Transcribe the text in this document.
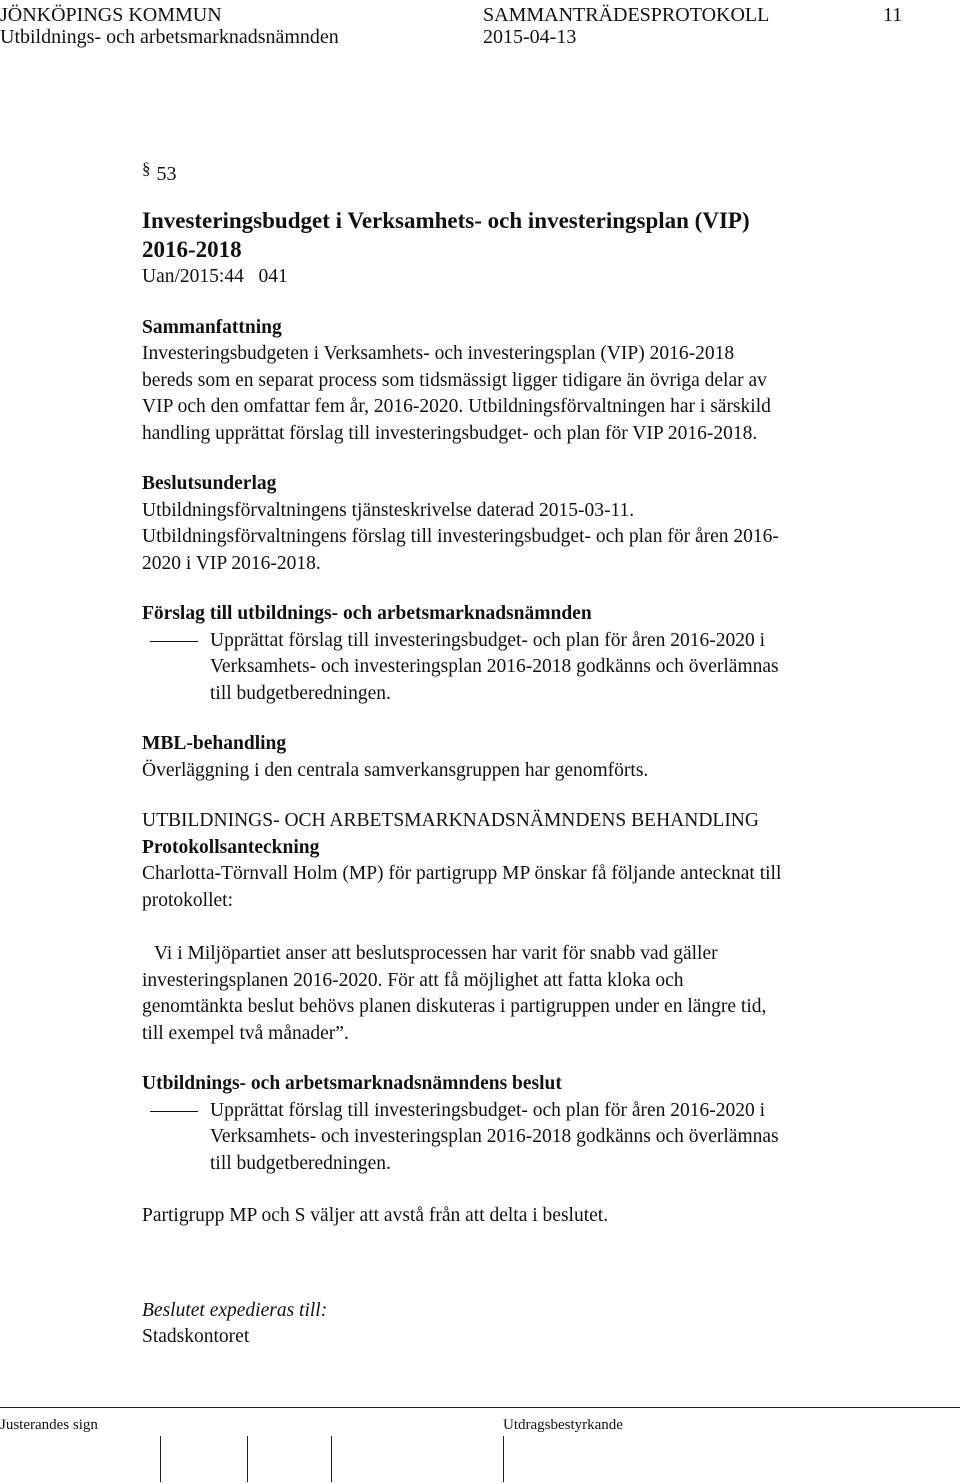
JÖNKÖPINGS KOMMUN
Utbildnings- och arbetsmarknadsnämnden
SAMMANTRÄDESPROTOKOLL
2015-04-13
11
§ 53

Investeringsbudget i Verksamhets- och investeringsplan (VIP)

2016-2018

Uan/2015:44   041

Sammanfattning

Investeringsbudgeten i Verksamhets- och investeringsplan (VIP) 2016-2018

bereds som en separat process som tidsmässigt ligger tidigare än övriga delar av

VIP och den omfattar fem år, 2016-2020. Utbildningsförvaltningen har i särskild

handling upprättat förslag till investeringsbudget- och plan för VIP 2016-2018.

Beslutsunderlag

Utbildningsförvaltningens tjänsteskrivelse daterad 2015-03-11.

Utbildningsförvaltningens förslag till investeringsbudget- och plan för åren 2016-

2020 i VIP 2016-2018.

Förslag till utbildnings- och arbetsmarknadsnämnden

Upprättat förslag till investeringsbudget- och plan för åren 2016-2020 i

Verksamhets- och investeringsplan 2016-2018 godkänns och överlämnas

till budgetberedningen.

MBL-behandling

Överläggning i den centrala samverkansgruppen har genomförts.

UTBILDNINGS- OCH ARBETSMARKNADSNÄMNDENS BEHANDLING

Protokollsanteckning

Charlotta-Törnvall Holm (MP) för partigrupp MP önskar få följande antecknat till

protokollet:

Vi i Miljöpartiet anser att beslutsprocessen har varit för snabb vad gäller

investeringsplanen 2016-2020. För att få möjlighet att fatta kloka och

genomtänkta beslut behövs planen diskuteras i partigruppen under en längre tid,

till exempel två månader”.

Utbildnings- och arbetsmarknadsnämndens beslut

Upprättat förslag till investeringsbudget- och plan för åren 2016-2020 i

Verksamhets- och investeringsplan 2016-2018 godkänns och överlämnas

till budgetberedningen.

Partigrupp MP och S väljer att avstå från att delta i beslutet.

Beslutet expedieras till:

Stadskontoret

Justerandes sign	Utdragsbestyrkande
